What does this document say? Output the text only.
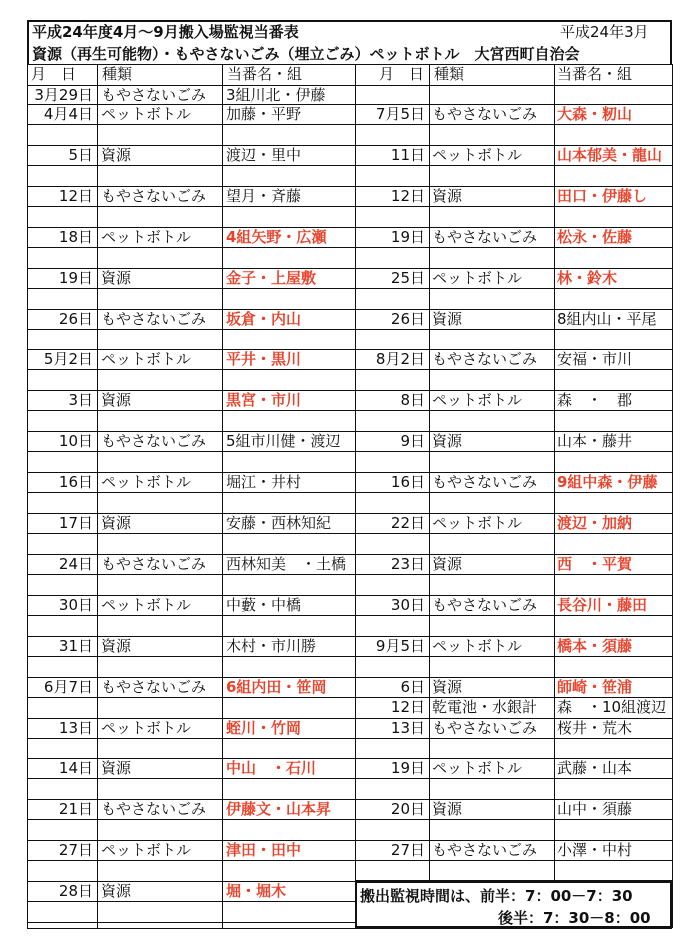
平成24年度4月～9月搬入場監視当番表	平成24年3月
資源（再生可能物）・もやさないごみ（埋立ごみ）ペットボトル　大宮西町自治会
月　日	種類	当番名・組	月　日 種類	当番名・組
3月29日 もやさないごみ	3組川北・伊藤
4月4日 ペットボトル	加藤・平野
5日 資源	渡辺・里中
12日 もやさないごみ	望月・斉藤
18日 ペットボトル	4組矢野・広瀬
19日 資源	金子・上屋敷
26日 もやさないごみ	坂倉・内山
5月2日 ペットボトル	平井・黒川
3日 資源	黒宮・市川
10日 もやさないごみ	5組市川健・渡辺
16日 ペットボトル	堀江・井村
17日 資源	安藤・西林知紀
24日 もやさないごみ	西林知美　・土橋
30日 ペットボトル	中藪・中橋
31日 資源	木村・市川勝
6月7日 もやさないごみ	6組内田・笹岡
13日 ペットボトル	蛭川・竹岡
14日 資源	中山　・石川
21日 もやさないごみ	伊藤文・山本昇
27日 ペットボトル	津田・田中
28日 資源	堀・堀木
7月5日 もやさないごみ	大森・籾山
11日 ペットボトル	山本郁美・龍山
12日 資源	田口・伊藤し
19日 もやさないごみ	松永・佐藤
25日 ペットボトル	林・鈴木
26日 資源	8組内山・平尾
8月2日 もやさないごみ	安福・市川
8日 ペットボトル	森　・　郡
9日 資源	山本・藤井
16日 もやさないごみ	9組中森・伊藤
22日 ペットボトル	渡辺・加納
23日 資源	西　・平賀
30日 もやさないごみ	長谷川・藤田
9月5日 ペットボトル	橋本・須藤
6日 資源	師崎・笹浦
12日 乾電池・水銀計	森　・10組渡辺
13日 もやさないごみ	桜井・荒木
19日 ペットボトル	武藤・山本
20日 資源	山中・須藤
27日 もやさないごみ	小澤・中村
搬出監視時間は、前半：7：00－7：30
後半：7：30－8：00
